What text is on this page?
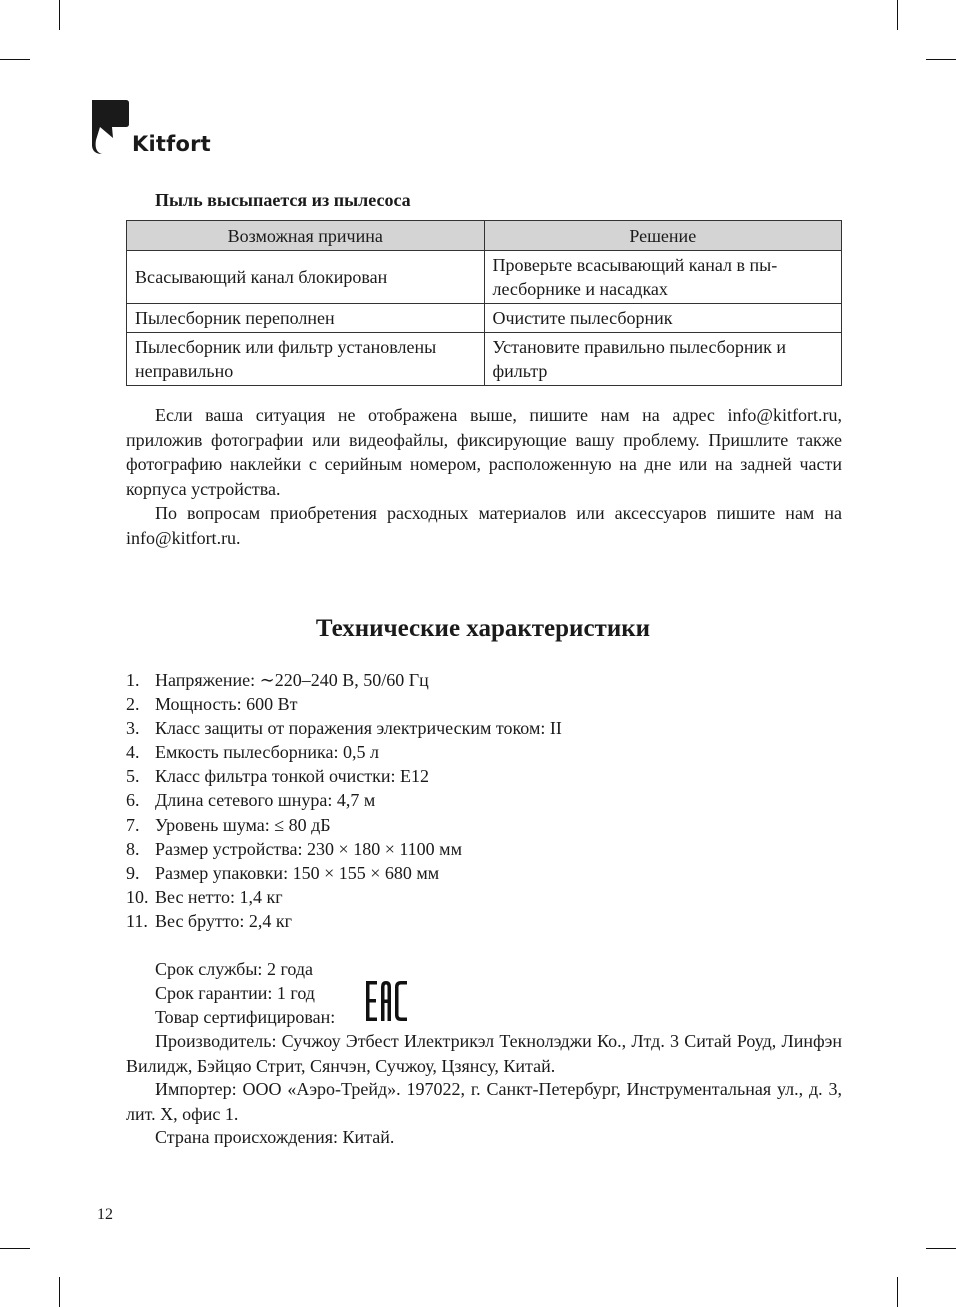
Kitfort
Пыль высыпается из пылесоса
Возможная причина	Решение
Всасывающий канал блокирован	Проверьте всасывающий канал в пы-лесборнике и насадках
Пылесборник переполнен	Очистите пылесборник
Пылесборник или фильтр установлены неправильно	Установите правильно пылесборник и фильтр

Если ваша ситуация не отображена выше, пишите нам на адрес info@kitfort.ru, приложив фотографии или видеофайлы, фиксирующие вашу проблему. Пришлите также фотографию наклейки с серийным номером, расположенную на дне или на задней части корпуса устройства.

По вопросам приобретения расходных материалов или аксессуаров пишите нам на info@kitfort.ru.

Технические характеристики
1. Напряжение: ∼220–240 В, 50/60 Гц
2. Мощность: 600 Вт
3. Класс защиты от поражения электрическим током: II
4. Емкость пылесборника: 0,5 л
5. Класс фильтра тонкой очистки: E12
6. Длина сетевого шнура: 4,7 м
7. Уровень шума: ≤ 80 дБ
8. Размер устройства: 230 × 180 × 1100 мм
9. Размер упаковки: 150 × 155 × 680 мм
10. Вес нетто: 1,4 кг
11. Вес брутто: 2,4 кг

Срок службы: 2 года

Срок гарантии: 1 год

Товар сертифицирован:

Производитель: Сучжоу Этбест Илектрикэл Текнолэджи Ко., Лтд. 3 Ситай Роуд, Линфэн Вилидж, Бэйцяо Стрит, Сянчэн, Сучжоу, Цзянсу, Китай.

Импортер: ООО «Аэро-Трейд». 197022, г. Санкт-Петербург, Инструментальная ул., д. 3, лит. Х, офис 1.

Страна происхождения: Китай.

12
